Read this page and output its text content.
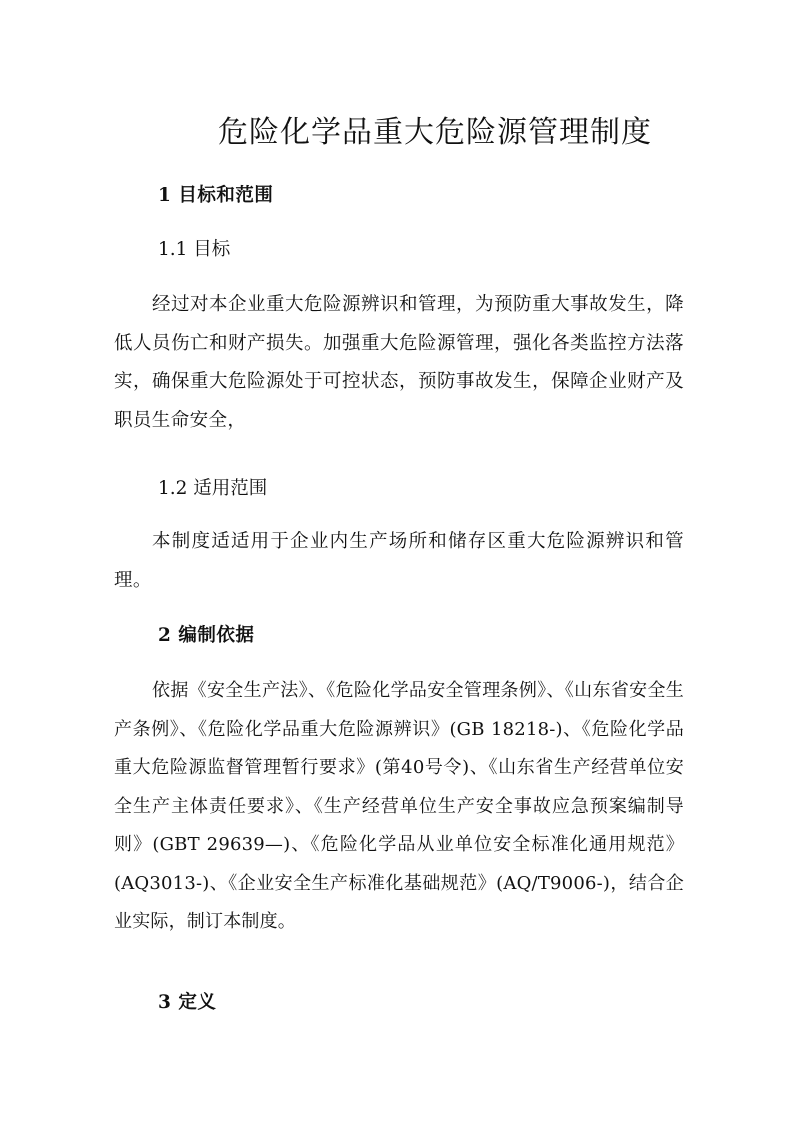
危险化学品重大危险源管理制度
1 目标和范围
1.1 目标
经过对本企业重大危险源辨识和管理，为预防重大事故发生，降低人员伤亡和财产损失。加强重大危险源管理，强化各类监控方法落实，确保重大危险源处于可控状态，预防事故发生，保障企业财产及职员生命安全，
1.2 适用范围
本制度适适用于企业内生产场所和储存区重大危险源辨识和管理。
2 编制依据
依据《安全生产法》、《危险化学品安全管理条例》、《山东省安全生产条例》、《危险化学品重大危险源辨识》(GB 18218-)、《危险化学品重大危险源监督管理暂行要求》(第40号令)、《山东省生产经营单位安全生产主体责任要求》、《生产经营单位生产安全事故应急预案编制导则》(GBT 29639—)、《危险化学品从业单位安全标准化通用规范》(AQ3013-)、《企业安全生产标准化基础规范》(AQ/T9006-)，结合企业实际，制订本制度。
3 定义
